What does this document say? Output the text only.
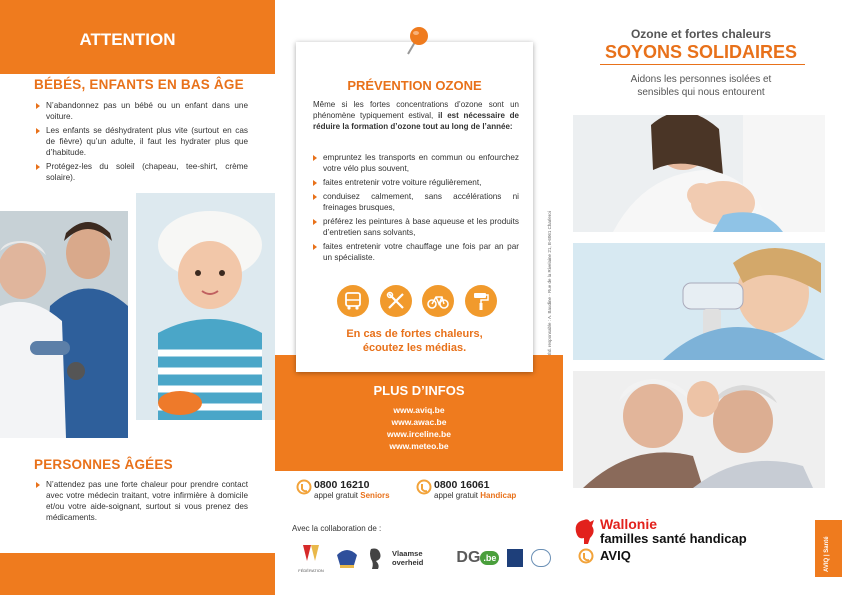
ATTENTION
BÉBÉS, ENFANTS EN BAS ÂGE
N’abandonnez pas un bébé ou un enfant dans une voiture.
Les enfants se déshydratent plus vite (surtout en cas de fièvre) qu’un adulte, il faut les hydrater plus que d’habitude.
Protégez-les du soleil (chapeau, tee-shirt, crème solaire).
PERSONNES ÂGÉES
N’attendez pas une forte chaleur pour prendre contact avec votre médecin traitant, votre infirmière à domicile et/ou votre aide-soignant, surtout si vous prenez des médicaments.
PRÉVENTION OZONE
Même si les fortes concentrations d’ozone sont un phénomène typiquement estival, il est nécessaire de réduire la formation d’ozone tout au long de l’année:
empruntez les transports en commun ou enfourchez votre vélo plus souvent,
faites entretenir votre voiture régulièrement,
conduisez calmement, sans accélérations ni freinages brusques,
préférez les peintures à base aqueuse et les produits d’entretien sans solvants,
faites entretenir votre chauffage une fois par an par un spécialiste.
En cas de fortes chaleurs,
écoutez les médias.
PLUS D’INFOS
www.aviq.be
www.awac.be
www.irceline.be
www.meteo.be
0800 16210
appel gratuit Seniors
0800 16061
appel gratuit Handicap
Avec la collaboration de :
FÉDÉRATION
Vlaamse overheid	DG .be
Éd. responsable : A. Baudine · Rue de la Rivelaine 21, B-6061 Charleroi
Ozone et fortes chaleurs
SOYONS SOLIDAIRES
Aidons les personnes isolées et
sensibles qui nous entourent
Wallonie
familles santé handicap
AVIQ	AVIQ | Santé
